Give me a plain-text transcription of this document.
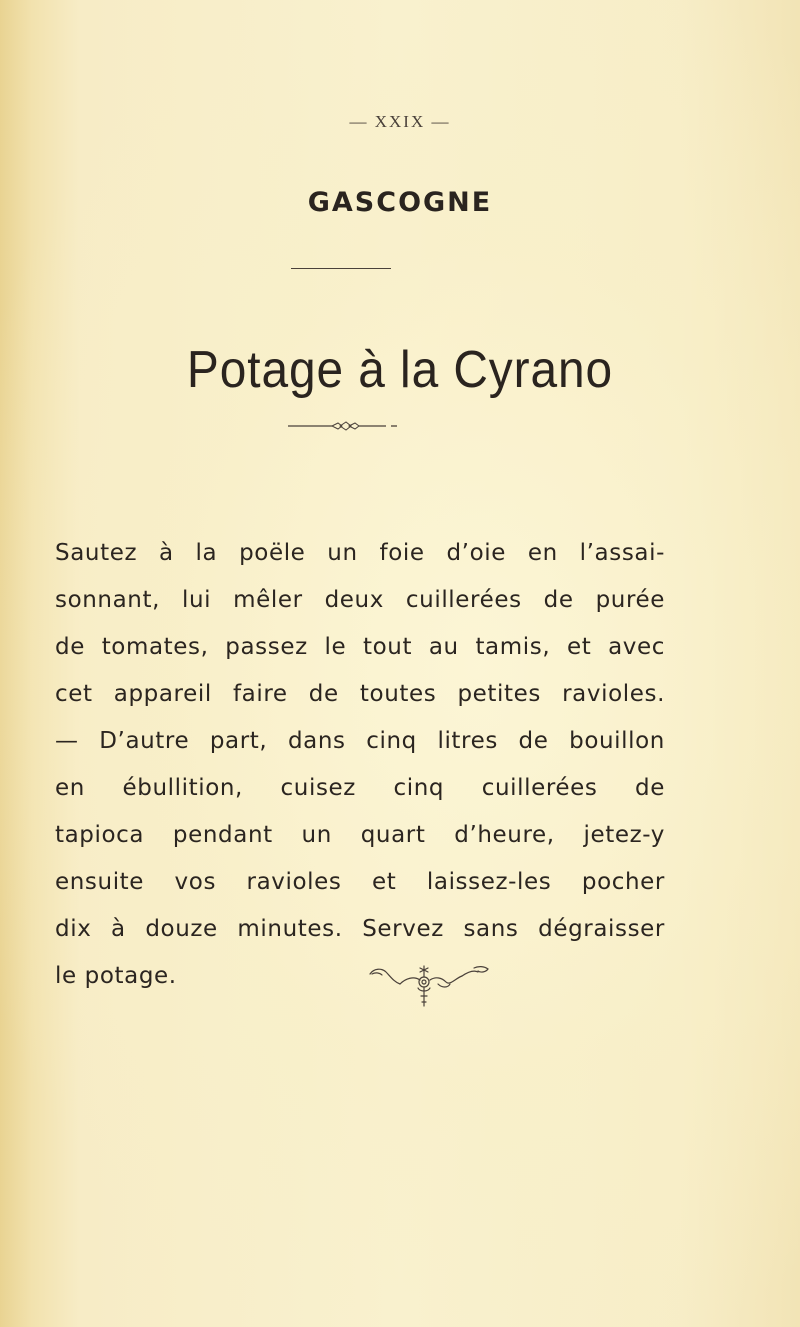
— XXIX —
GASCOGNE
Potage à la Cyrano
Sautez à la poële un foie d’oie en l’assai-
sonnant, lui mêler deux cuillerées de purée
de tomates, passez le tout au tamis, et avec
cet appareil faire de toutes petites ravioles.
— D’autre part, dans cinq litres de bouillon
en ébullition, cuisez cinq cuillerées de
tapioca pendant un quart d’heure, jetez-y
ensuite vos ravioles et laissez-les pocher
dix à douze minutes. Servez sans dégraisser
le potage.
